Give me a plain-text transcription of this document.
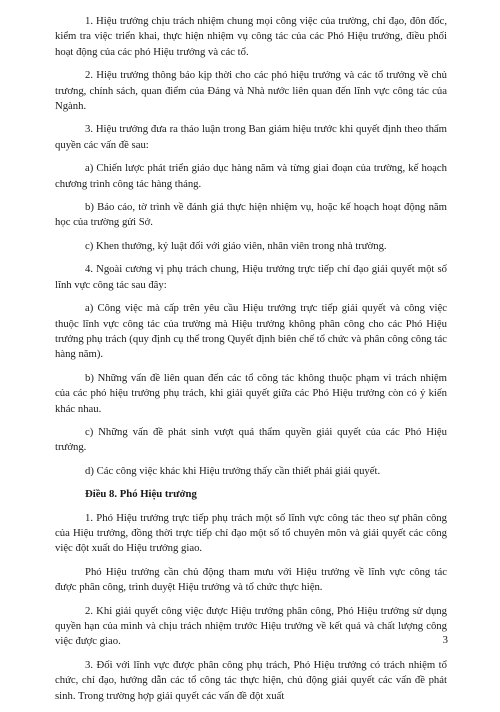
1. Hiệu trưởng chịu trách nhiệm chung mọi công việc của trường, chỉ đạo, đôn đốc, kiểm tra việc triển khai, thực hiện nhiệm vụ công tác của các Phó Hiệu trưởng, điều phối hoạt động của các phó Hiệu trưởng và các tổ.

2. Hiệu trưởng thông báo kịp thời cho các phó hiệu trưởng và các tổ trưởng về chủ trương, chính sách, quan điểm của Đảng và Nhà nước liên quan đến lĩnh vực công tác của Ngành.

3. Hiệu trưởng đưa ra thảo luận trong Ban giám hiệu trước khi quyết định theo thẩm quyền các vấn đề sau:

a) Chiến lược phát triển giáo dục hàng năm và từng giai đoạn của trường, kế hoạch chương trình công tác hàng tháng.

b) Báo cáo, tờ trình về đánh giá thực hiện nhiệm vụ, hoặc kế hoạch hoạt động năm học của trường gửi Sở.

c) Khen thưởng, kỷ luật đối với giáo viên, nhân viên trong nhà trường.

4. Ngoài cương vị phụ trách chung, Hiệu trưởng trực tiếp chỉ đạo giải quyết một số lĩnh vực công tác sau đây:

a) Công việc mà cấp trên yêu cầu Hiệu trưởng trực tiếp giải quyết và công việc thuộc lĩnh vực công tác của trường mà Hiệu trưởng không phân công cho các Phó Hiệu trưởng phụ trách (quy định cụ thể trong Quyết định biên chế tổ chức và phân công công tác hàng năm).

b) Những vấn đề liên quan đến các tổ công tác không thuộc phạm vi trách nhiệm của các phó hiệu trưởng phụ trách, khi giải quyết giữa các Phó Hiệu trưởng còn có ý kiến khác nhau.

c) Những vấn đề phát sinh vượt quá thẩm quyền giải quyết của các Phó Hiệu trưởng.

d) Các công việc khác khi Hiệu trưởng thấy cần thiết phải giải quyết.

Điều 8. Phó Hiệu trưởng

1. Phó Hiệu trưởng trực tiếp phụ trách một số lĩnh vực công tác theo sự phân công của Hiệu trưởng, đồng thời trực tiếp chỉ đạo một số tổ chuyên môn và giải quyết các công việc đột xuất do Hiệu trưởng giao.

Phó Hiệu trưởng cần chủ động tham mưu với Hiệu trưởng về lĩnh vực công tác được phân công, trình duyệt Hiệu trưởng và tổ chức thực hiện.

2. Khi giải quyết công việc được Hiệu trưởng phân công, Phó Hiệu trưởng sử dụng quyền hạn của mình và chịu trách nhiệm trước Hiệu trưởng về kết quả và chất lượng công việc được giao.

3. Đối với lĩnh vực được phân công phụ trách, Phó Hiệu trưởng có trách nhiệm tổ chức, chỉ đạo, hướng dẫn các tổ công tác thực hiện, chủ động giải quyết các vấn đề phát sinh. Trong trường hợp giải quyết các vấn đề đột xuất

3
